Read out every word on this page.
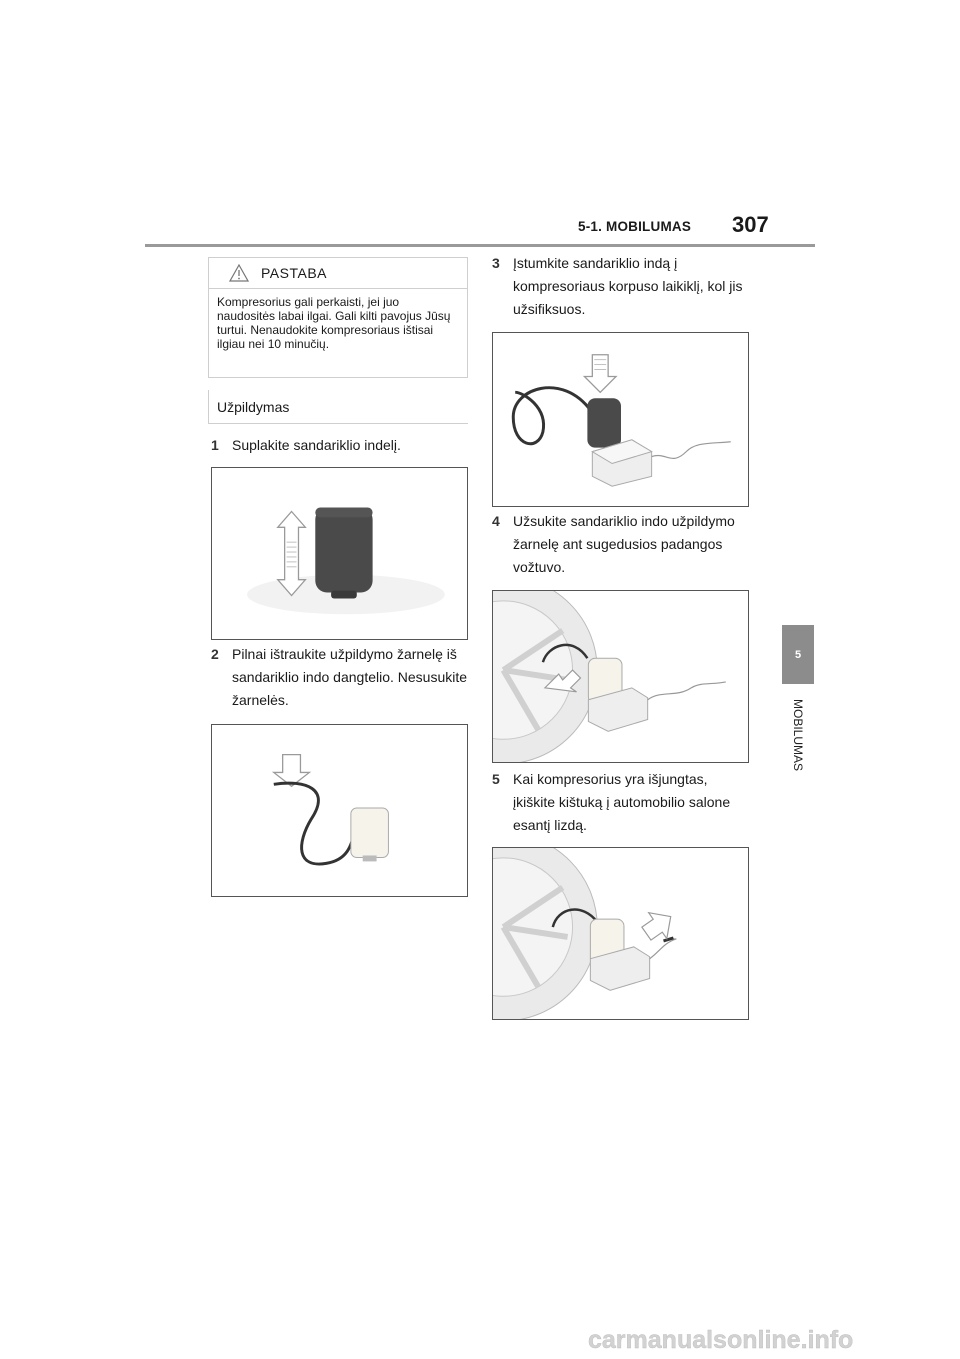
5-1. MOBILUMAS 307
5
MOBILUMAS
PASTABA
Kompresorius gali perkaisti, jei juo naudositės labai ilgai. Gali kilti pavojus Jūsų turtui. Nenaudokite kompresoriaus ištisai ilgiau nei 10 minučių.
Užpildymas
1 Suplakite sandariklio indelį.
2 Pilnai ištraukite užpildymo žarnelę iš sandariklio indo dangtelio. Nesusukite žarnelės.
3 Įstumkite sandariklio indą į kompresoriaus korpuso laikiklį, kol jis užsifiksuos.
4 Užsukite sandariklio indo užpildymo žarnelę ant sugedusios padangos vožtuvo.
5 Kai kompresorius yra išjungtas, įkiškite kištuką į automobilio salone esantį lizdą.
carmanualsonline.info
